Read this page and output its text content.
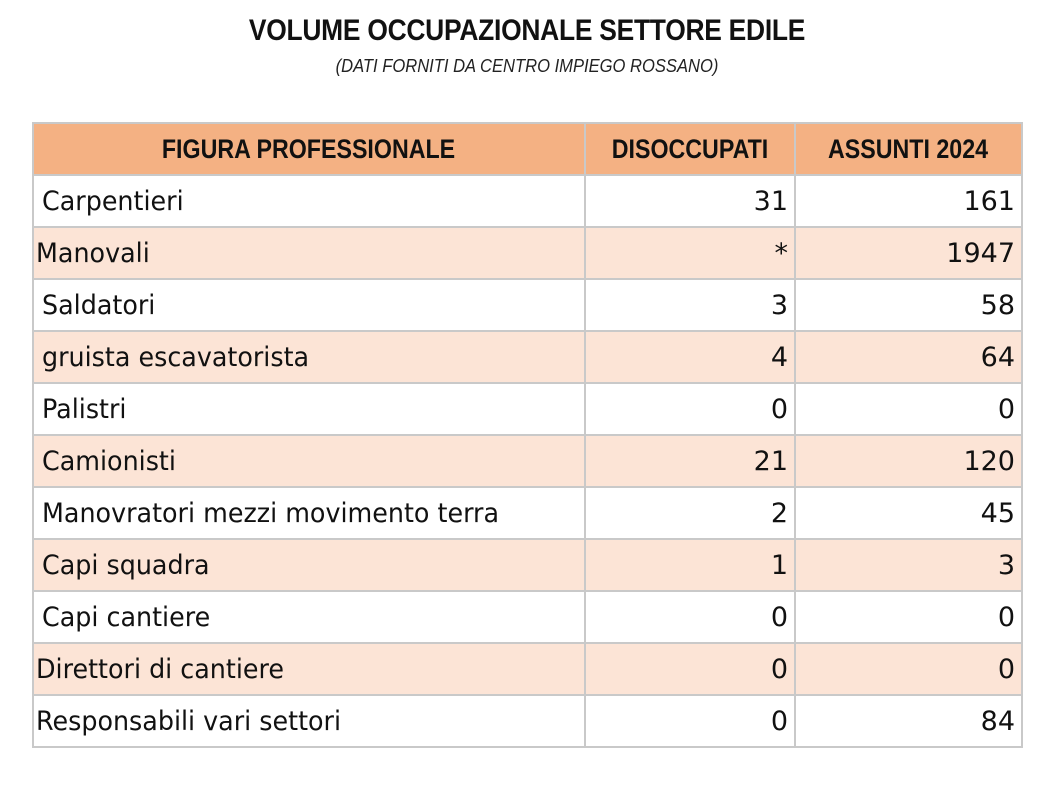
VOLUME OCCUPAZIONALE SETTORE EDILE
(DATI FORNITI DA CENTRO IMPIEGO ROSSANO)
FIGURA PROFESSIONALE	DISOCCUPATI	ASSUNTI 2024
Carpentieri	31	161
Manovali	*	1947
Saldatori	3	58
gruista escavatorista	4	64
Palistri	0	0
Camionisti	21	120
Manovratori mezzi movimento terra	2	45
Capi squadra	1	3
Capi cantiere	0	0
Direttori di cantiere	0	0
Responsabili vari settori	0	84
